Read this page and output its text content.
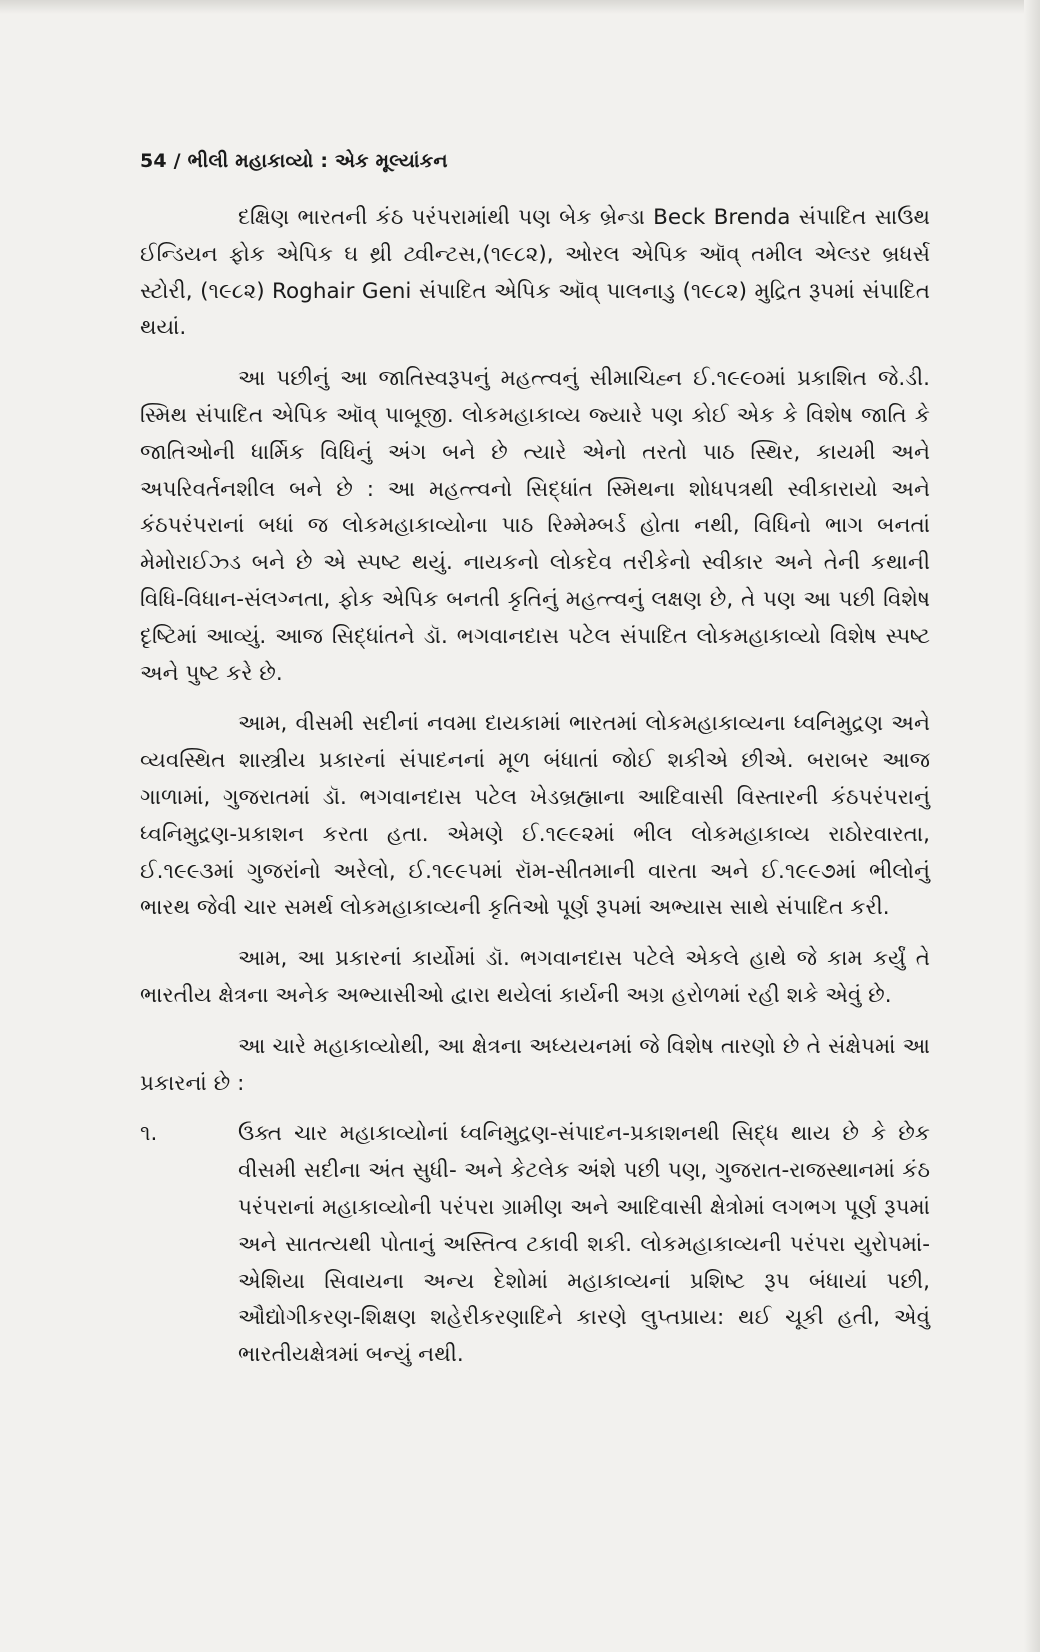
54 / ભીલી મહાકાવ્યો : એક મૂલ્યાંકન

દક્ષિણ ભારતની કંઠ પરંપરામાંથી પણ બેક બ્રેન્ડા Beck Brenda સંપાદિત સાઉથ ઈન્ડિયન ફોક એપિક ઘ થ્રી ટ્વીન્ટસ,(૧૯૮૨), ઓરલ એપિક ઑવ્ તમીલ એલ્ડર બ્રધર્સ સ્ટોરી, (૧૯૮૨) Roghair Geni સંપાદિત એપિક ઑવ્ પાલનાડુ (૧૯૮૨) મુદ્રિત રૂપમાં સંપાદિત થયાં.

આ પછીનું આ જાતિસ્વરૂપનું મહત્ત્વનું સીમાચિહ્ન ઈ.૧૯૯૦માં પ્રકાશિત જે.ડી. સ્મિથ સંપાદિત એપિક ઑવ્ પાબૂજી. લોકમહાકાવ્ય જ્યારે પણ કોઈ એક કે વિશેષ જાતિ કે જાતિઓની ધાર્મિક વિધિનું અંગ બને છે ત્યારે એનો તરતો પાઠ સ્થિર, કાયમી અને અપરિવર્તનશીલ બને છે : આ મહત્ત્વનો સિદ્ધાંત સ્મિથના શોધપત્રથી સ્વીકારાયો અને કંઠપરંપરાનાં બધાં જ લોકમહાકાવ્યોના પાઠ રિમ્મેમ્બર્ડ હોતા નથી, વિધિનો ભાગ બનતાં મેમોરાઈઝ્ડ બને છે એ સ્પષ્ટ થયું. નાયકનો લોકદેવ તરીકેનો સ્વીકાર અને તેની કથાની વિધિ-વિધાન-સંલગ્નતા, ફોક એપિક બનતી કૃતિનું મહત્ત્વનું લક્ષણ છે, તે પણ આ પછી વિશેષ દૃષ્ટિમાં આવ્યું. આજ સિદ્ધાંતને ડૉ. ભગવાનદાસ પટેલ સંપાદિત લોકમહાકાવ્યો વિશેષ સ્પષ્ટ અને પુષ્ટ કરે છે.

આમ, વીસમી સદીનાં નવમા દાયકામાં ભારતમાં લોકમહાકાવ્યના ધ્વનિમુદ્રણ અને વ્યવસ્થિત શાસ્ત્રીય પ્રકારનાં સંપાદનનાં મૂળ બંધાતાં જોઈ શકીએ છીએ. બરાબર આજ ગાળામાં, ગુજરાતમાં ડૉ. ભગવાનદાસ પટેલ ખેડબ્રહ્માના આદિવાસી વિસ્તારની કંઠપરંપરાનું ધ્વનિમુદ્રણ-પ્રકાશન કરતા હતા. એમણે ઈ.૧૯૯૨માં ભીલ લોકમહાકાવ્ય રાઠોરવારતા, ઈ.૧૯૯૩માં ગુજરાંનો અરેલો, ઈ.૧૯૯૫માં રૉમ-સીતમાની વારતા અને ઈ.૧૯૯૭માં ભીલોનું ભારથ જેવી ચાર સમર્થ લોકમહાકાવ્યની કૃતિઓ પૂર્ણ રૂપમાં અભ્યાસ સાથે સંપાદિત કરી.

આમ, આ પ્રકારનાં કાર્યોમાં ડૉ. ભગવાનદાસ પટેલે એકલે હાથે જે કામ કર્યું તે ભારતીય ક્ષેત્રના અનેક અભ્યાસીઓ દ્વારા થયેલાં કાર્યની અગ્ર હરોળમાં રહી શકે એવું છે.

આ ચારે મહાકાવ્યોથી, આ ક્ષેત્રના અધ્યયનમાં જે વિશેષ તારણો છે તે સંક્ષેપમાં આ પ્રકારનાં છે :

૧.	ઉક્ત ચાર મહાકાવ્યોનાં ધ્વનિમુદ્રણ-સંપાદન-પ્રકાશનથી સિદ્ધ થાય છે કે છેક વીસમી સદીના અંત સુધી- અને કેટલેક અંશે પછી પણ, ગુજરાત-રાજસ્થાનમાં કંઠ પરંપરાનાં મહાકાવ્યોની પરંપરા ગ્રામીણ અને આદિવાસી ક્ષેત્રોમાં લગભગ પૂર્ણ રૂપમાં અને સાતત્યથી પોતાનું અસ્તિત્વ ટકાવી શકી. લોકમહાકાવ્યની પરંપરા યુરોપમાં-એશિયા સિવાયના અન્ય દેશોમાં મહાકાવ્યનાં પ્રશિષ્ટ રૂપ બંધાયાં પછી, ઔદ્યોગીકરણ-શિક્ષણ શહેરીકરણાદિને કારણે લુપ્તપ્રાય: થઈ ચૂકી હતી, એવું ભારતીયક્ષેત્રમાં બન્યું નથી.
